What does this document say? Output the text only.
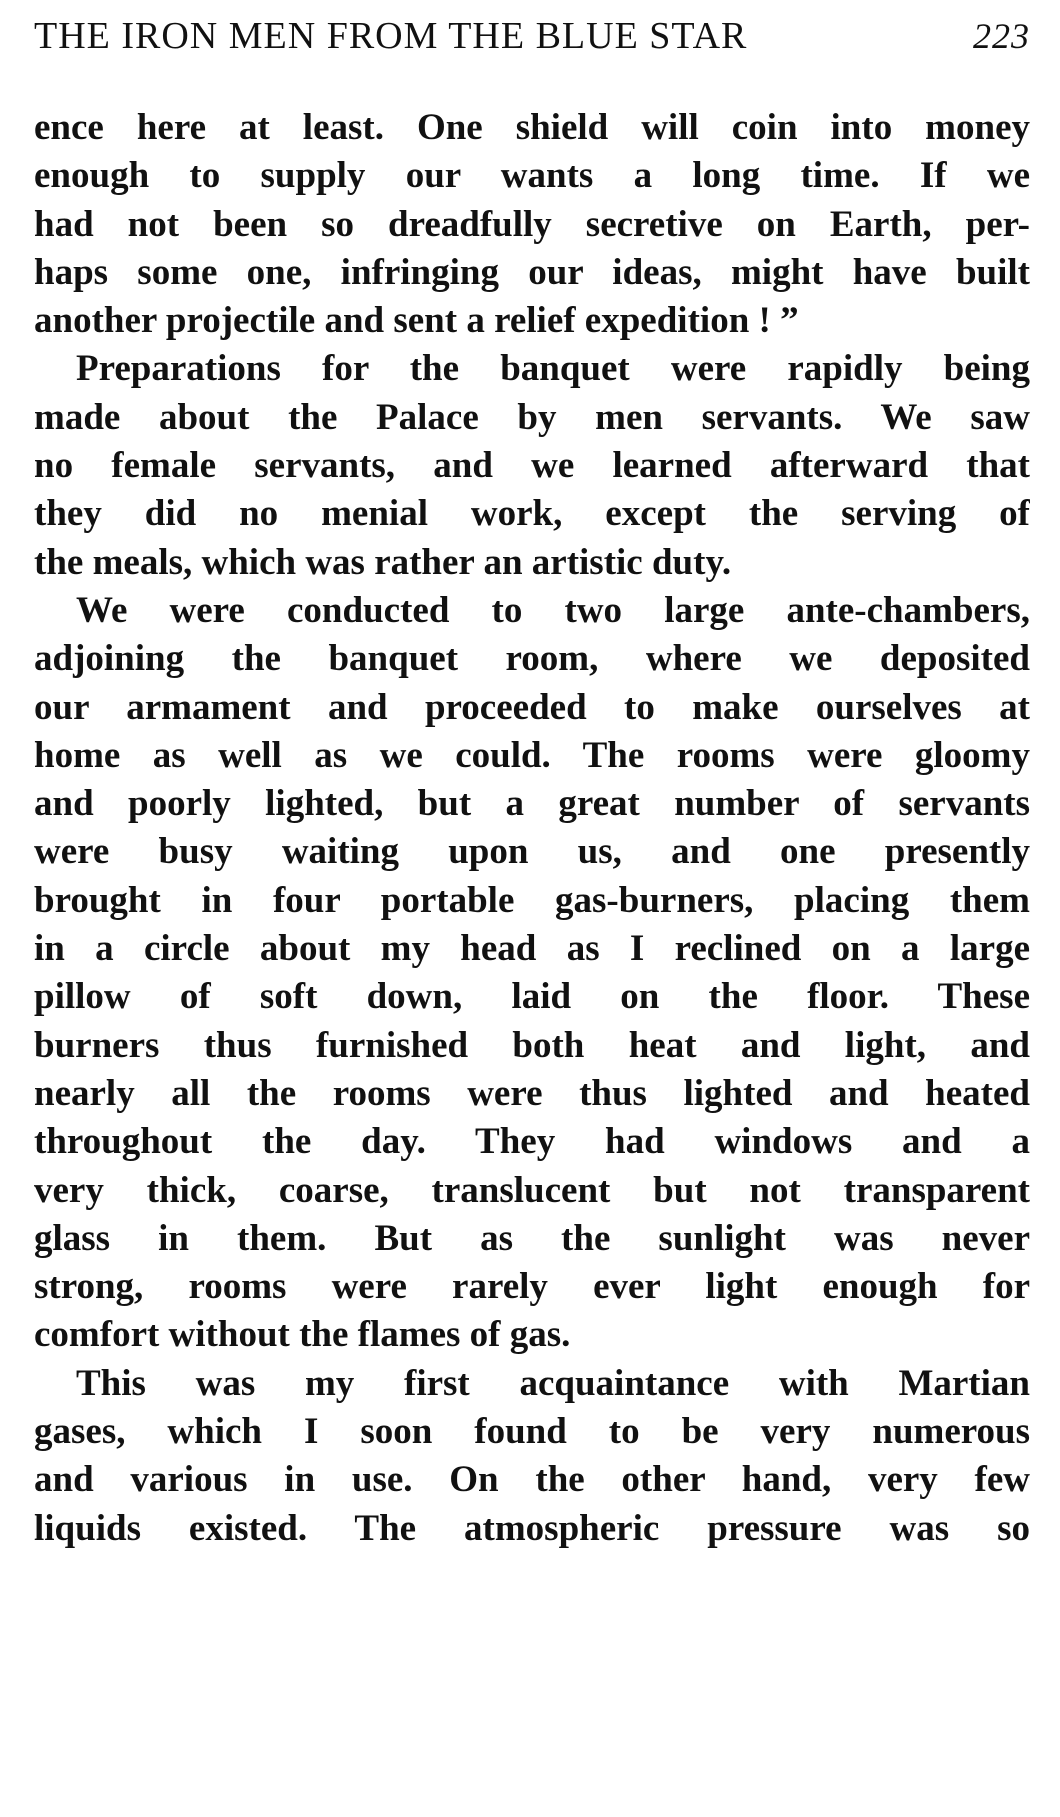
THE IRON MEN FROM THE BLUE STAR	223
ence here at least. One shield will coin into money
enough to supply our wants a long time. If we
had not been so dreadfully secretive on Earth, per-
haps some one, infringing our ideas, might have built
another projectile and sent a relief expedition ! ”
Preparations for the banquet were rapidly being
made about the Palace by men servants. We saw
no female servants, and we learned afterward that
they did no menial work, except the serving of
the meals, which was rather an artistic duty.
We were conducted to two large ante-chambers,
adjoining the banquet room, where we deposited
our armament and proceeded to make ourselves at
home as well as we could. The rooms were gloomy
and poorly lighted, but a great number of servants
were busy waiting upon us, and one presently
brought in four portable gas-burners, placing them
in a circle about my head as I reclined on a large
pillow of soft down, laid on the floor. These
burners thus furnished both heat and light, and
nearly all the rooms were thus lighted and heated
throughout the day. They had windows and a
very thick, coarse, translucent but not transparent
glass in them. But as the sunlight was never
strong, rooms were rarely ever light enough for
comfort without the flames of gas.
This was my first acquaintance with Martian
gases, which I soon found to be very numerous
and various in use. On the other hand, very few
liquids existed. The atmospheric pressure was so
